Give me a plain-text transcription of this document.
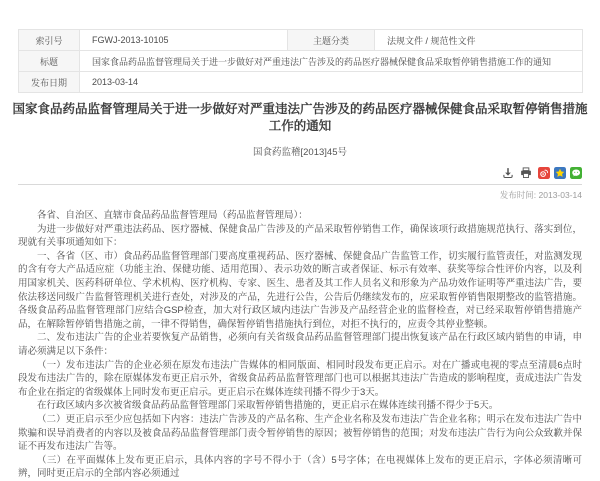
索引号	FGWJ-2013-10105	主题分类	法规文件 / 规范性文件
标题	国家食品药品监督管理局关于进一步做好对严重违法广告涉及的药品医疗器械保健食品采取暂停销售措施工作的通知		
发布日期	2013-03-14		
国家食品药品监督管理局关于进一步做好对严重违法广告涉及的药品医疗器械保健食品采取暂停销售措施工作的通知
国食药监稽[2013]45号
发布时间: 2013-03-14

各省、自治区、直辖市食品药品监督管理局（药品监督管理局）：

为进一步做好对严重违法药品、医疗器械、保健食品广告涉及的产品采取暂停销售工作，确保该项行政措施规范执行、落实到位，现就有关事项通知如下：

一、各省（区、市）食品药品监督管理部门要高度重视药品、医疗器械、保健食品广告监管工作，切实履行监管责任，对监测发现的含有夸大产品适应症（功能主治、保健功能、适用范围）、表示功效的断言或者保证、标示有效率、获奖等综合性评价内容，以及利用国家机关、医药科研单位、学术机构、医疗机构、专家、医生、患者及其工作人员名义和形象为产品功效作证明等严重违法广告，要依法移送同级广告监督管理机关进行查处，对涉及的产品，先进行公告，公告后仍继续发布的，应采取暂停销售限期整改的监管措施。各级食品药品监督管理部门应结合GSP检查，加大对行政区域内违法广告涉及产品经营企业的监督检查，对已经采取暂停销售措施产品，在解除暂停销售措施之前，一律不得销售，确保暂停销售措施执行到位，对拒不执行的，应责令其停业整顿。

二、发布违法广告的企业若要恢复产品销售，必须向有关省级食品药品监督管理部门提出恢复该产品在行政区域内销售的申请，申请必须满足以下条件：

（一）发布违法广告的企业必须在原发布违法广告媒体的相同版面、相同时段发布更正启示。对在广播或电视的零点至清晨6点时段发布违法广告的，除在原媒体发布更正启示外，省级食品药品监督管理部门也可以根据其违法广告造成的影响程度，责成违法广告发布企业在指定的省级媒体上同时发布更正启示。更正启示在媒体连续刊播不得少于3天。

在行政区域内多次被省级食品药品监督管理部门采取暂停销售措施的，更正启示在媒体连续刊播不得少于5天。

（二）更正启示至少应包括如下内容：违法广告涉及的产品名称、生产企业名称及发布违法广告企业名称；明示在发布违法广告中欺骗和误导消费者的内容以及被食品药品监督管理部门责令暂停销售的原因；被暂停销售的范围；对发布违法广告行为向公众致歉并保证不再发布违法广告等。

（三）在平面媒体上发布更正启示，具体内容的字号不得小于（含）5号字体；在电视媒体上发布的更正启示，字体必须清晰可辨，同时更正启示的全部内容必须通过
